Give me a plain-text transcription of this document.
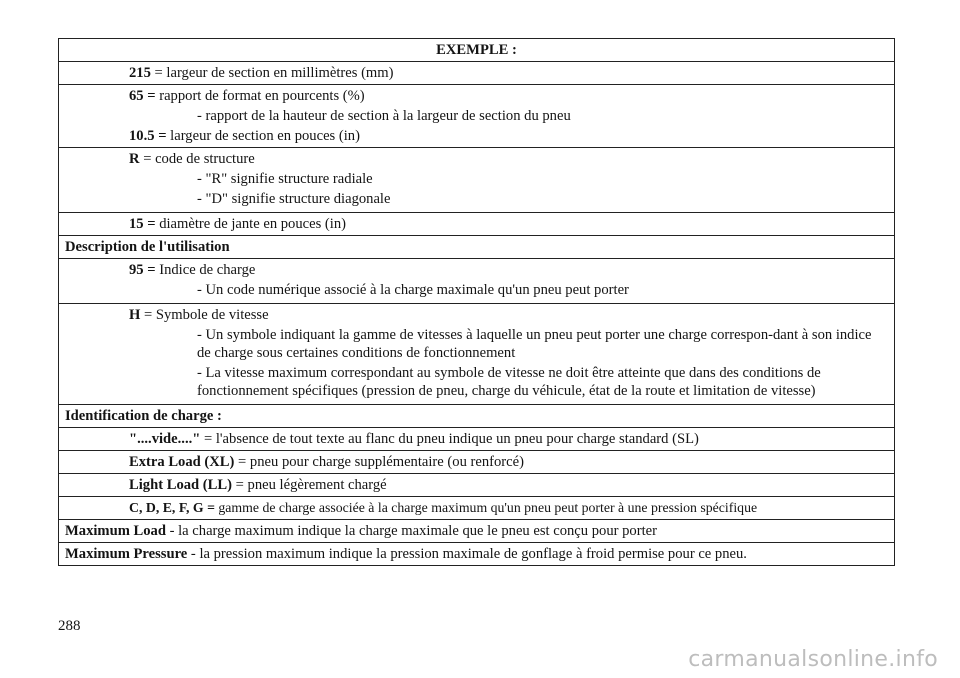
EXEMPLE :
215 = largeur de section en millimètres (mm)

65 = rapport de format en pourcents (%)
- rapport de la hauteur de section à la largeur de section du pneu
10.5 = largeur de section en pouces (in)

R = code de structure
- "R" signifie structure radiale
- "D" signifie structure diagonale

15 = diamètre de jante en pouces (in)
Description de l'utilisation

95 = Indice de charge
- Un code numérique associé à la charge maximale qu'un pneu peut porter

H = Symbole de vitesse
- Un symbole indiquant la gamme de vitesses à laquelle un pneu peut porter une charge correspon-dant à son indice de charge sous certaines conditions de fonctionnement
- La vitesse maximum correspondant au symbole de vitesse ne doit être atteinte que dans des conditions de fonctionnement spécifiques (pression de pneu, charge du véhicule, état de la route et limitation de vitesse)

Identification de charge :
"....vide...." = l'absence de tout texte au flanc du pneu indique un pneu pour charge standard (SL)
Extra Load (XL) = pneu pour charge supplémentaire (ou renforcé)
Light Load (LL) = pneu légèrement chargé
C, D, E, F, G = gamme de charge associée à la charge maximum qu'un pneu peut porter à une pression spécifique
Maximum Load - la charge maximum indique la charge maximale que le pneu est conçu pour porter
Maximum Pressure - la pression maximum indique la pression maximale de gonflage à froid permise pour ce pneu.
288
carmanualsonline.info
